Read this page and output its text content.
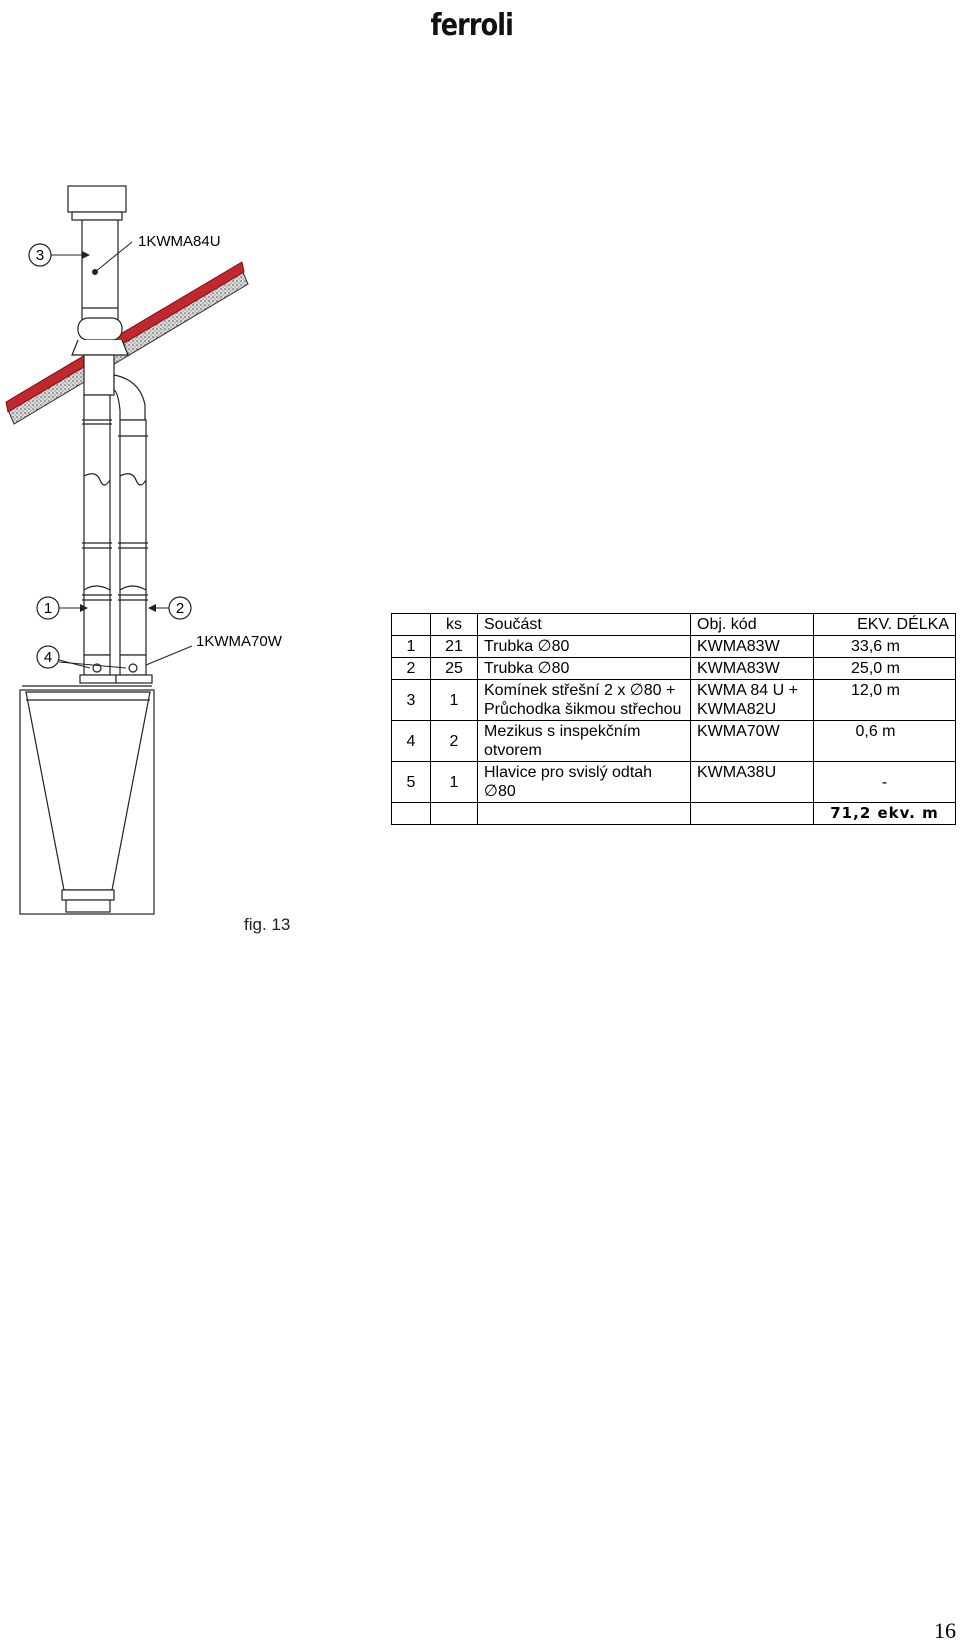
ferroli
3
1KWMA84U
1	2
1KWMA70W
4
fig. 13
	ks	Součást	Obj. kód	EKV. DÉLKA
1	21	Trubka ∅80	KWMA83W	33,6 m
2	25	Trubka ∅80	KWMA83W	25,0 m
3	1	Komínek střešní 2 x ∅80 + Průchodka šikmou střechou	KWMA 84 U + KWMA82U	12,0 m
4	2	Mezikus s inspekčním otvorem	KWMA70W	0,6 m
5	1	Hlavice pro svislý odtah ∅80	KWMA38U	-
				71,2 ekv. m
16
